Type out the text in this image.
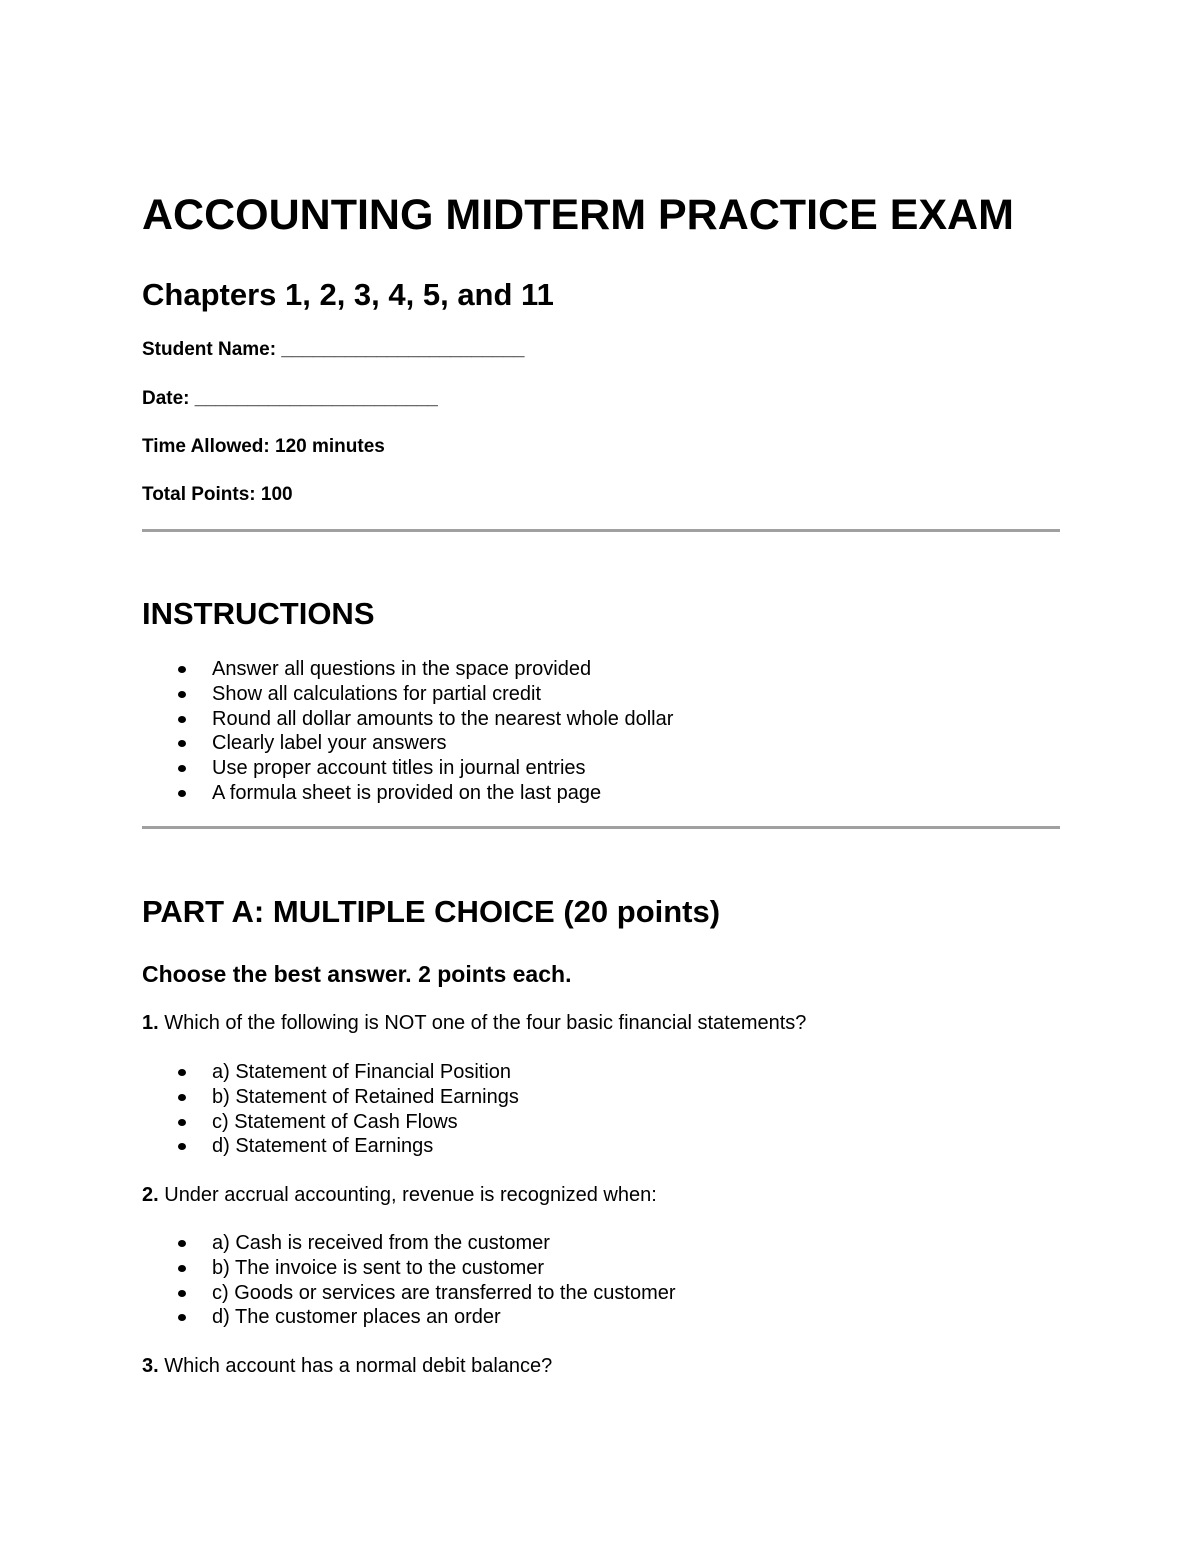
ACCOUNTING MIDTERM PRACTICE EXAM
Chapters 1, 2, 3, 4, 5, and 11

Student Name: _______________________

Date: _______________________

Time Allowed: 120 minutes

Total Points: 100

INSTRUCTIONS
Answer all questions in the space provided
Show all calculations for partial credit
Round all dollar amounts to the nearest whole dollar
Clearly label your answers
Use proper account titles in journal entries
A formula sheet is provided on the last page
PART A: MULTIPLE CHOICE (20 points)
Choose the best answer. 2 points each.

1. Which of the following is NOT one of the four basic financial statements?

a) Statement of Financial Position
b) Statement of Retained Earnings
c) Statement of Cash Flows
d) Statement of Earnings

2. Under accrual accounting, revenue is recognized when:

a) Cash is received from the customer
b) The invoice is sent to the customer
c) Goods or services are transferred to the customer
d) The customer places an order

3. Which account has a normal debit balance?
